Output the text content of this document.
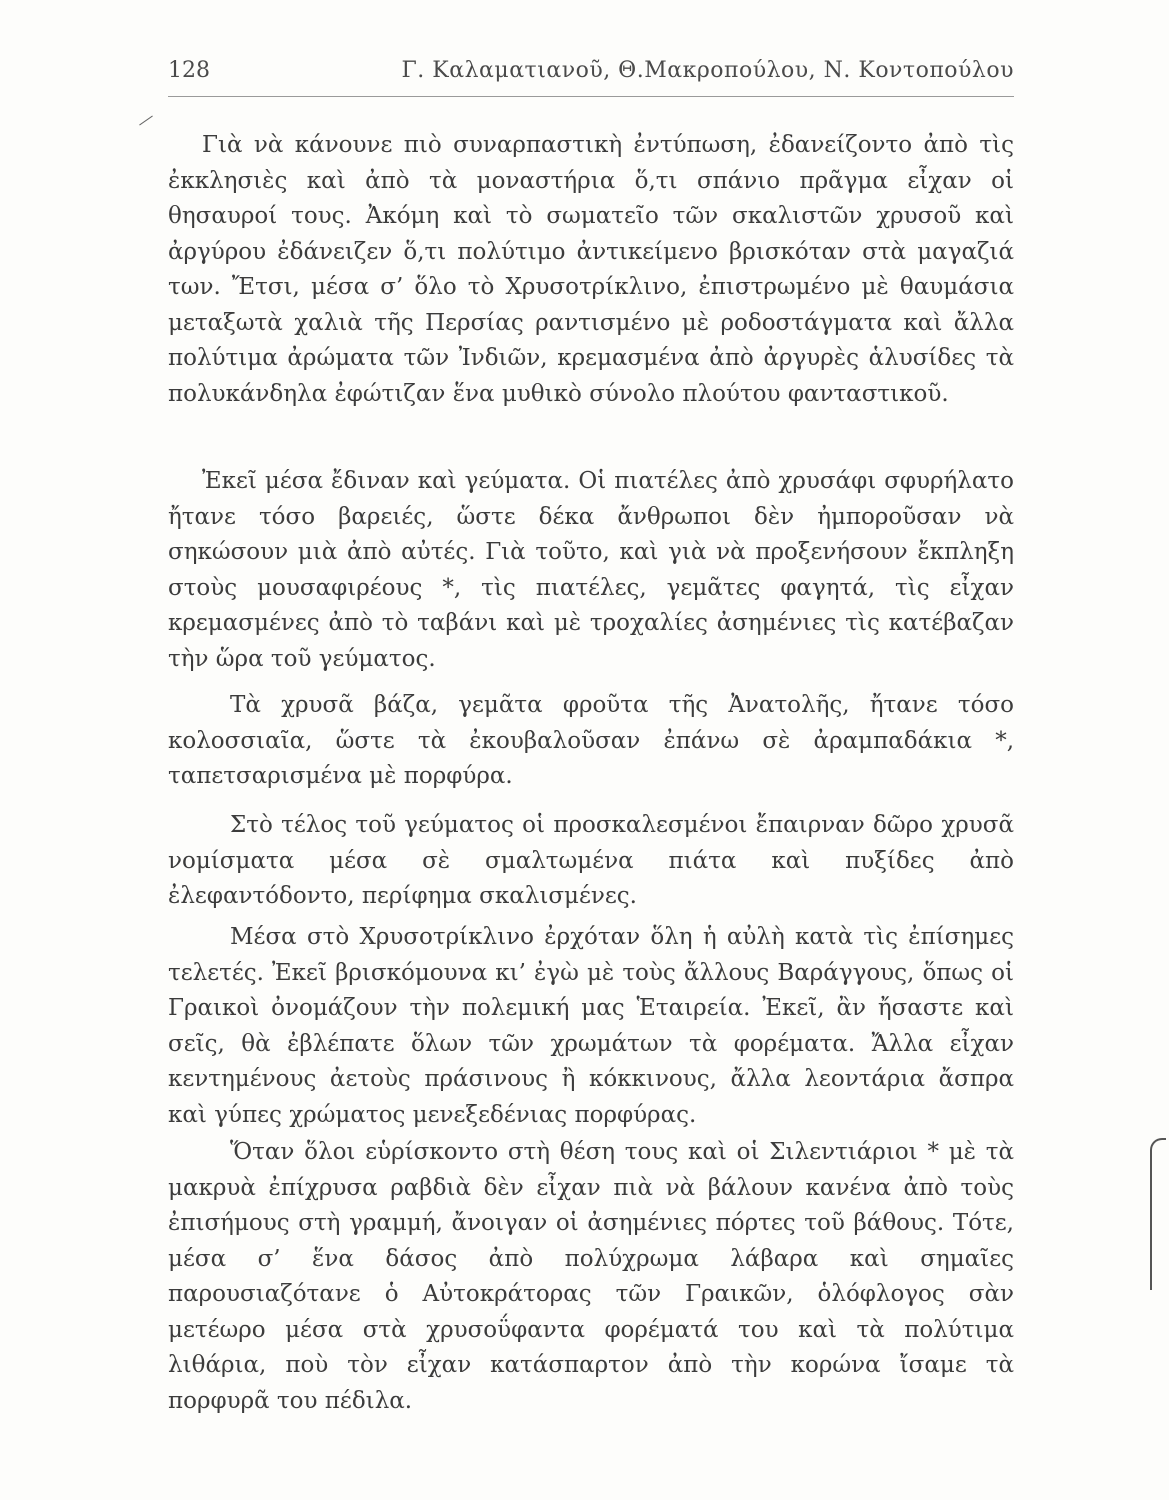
128	Γ. Καλαματιανοῦ, Θ.Μακροπούλου, Ν. Κοντοπούλου

Γιὰ νὰ κάνουνε πιὸ συναρπαστικὴ ἐντύπωση, ἐδανείζοντο ἀπὸ τὶς ἐκκλησιὲς καὶ ἀπὸ τὰ μοναστήρια ὅ,τι σπάνιο πρᾶγμα εἶχαν οἱ θησαυροί τους. Ἀκόμη καὶ τὸ σωματεῖο τῶν σκαλιστῶν χρυσοῦ καὶ ἀργύρου ἐδάνειζεν ὅ,τι πολύτιμο ἀντικείμενο βρισκόταν στὰ μαγαζιά των. Ἔτσι, μέσα σ’ ὅλο τὸ Χρυσοτρίκλινο, ἐπιστρωμένο μὲ θαυμάσια μεταξωτὰ χαλιὰ τῆς Περσίας ραντισμένο μὲ ροδοστάγματα καὶ ἄλλα πολύτιμα ἀρώματα τῶν Ἰνδιῶν, κρεμασμένα ἀπὸ ἀργυρὲς ἁλυσίδες τὰ πολυκάνδηλα ἐφώτιζαν ἕνα μυθικὸ σύνολο πλούτου φανταστικοῦ.

Ἐκεῖ μέσα ἔδιναν καὶ γεύματα. Οἱ πιατέλες ἀπὸ χρυσάφι σφυρήλατο ἤτανε τόσο βαρειές, ὥστε δέκα ἄνθρωποι δὲν ἠμποροῦσαν νὰ σηκώσουν μιὰ ἀπὸ αὐτές. Γιὰ τοῦτο, καὶ γιὰ νὰ προξενήσουν ἔκπληξη στοὺς μουσαφιρέους *, τὶς πιατέλες, γεμᾶτες φαγητά, τὶς εἶχαν κρεμασμένες ἀπὸ τὸ ταβάνι καὶ μὲ τροχαλίες ἀσημένιες τὶς κατέβαζαν τὴν ὥρα τοῦ γεύματος.

Τὰ χρυσᾶ βάζα, γεμᾶτα φροῦτα τῆς Ἀνατολῆς, ἤτανε τόσο κολοσσιαῖα, ὥστε τὰ ἐκουβαλοῦσαν ἐπάνω σὲ ἀραμπαδάκια *, ταπετσαρισμένα μὲ πορφύρα.

Στὸ τέλος τοῦ γεύματος οἱ προσκαλεσμένοι ἔπαιρναν δῶρο χρυσᾶ νομίσματα μέσα σὲ σμαλτωμένα πιάτα καὶ πυξίδες ἀπὸ ἐλεφαντόδοντο, περίφημα σκαλισμένες.

Μέσα στὸ Χρυσοτρίκλινο ἐρχόταν ὅλη ἡ αὐλὴ κατὰ τὶς ἐπίσημες τελετές. Ἐκεῖ βρισκόμουνα κι’ ἐγὼ μὲ τοὺς ἄλλους Βαράγγους, ὅπως οἱ Γραικοὶ ὀνομάζουν τὴν πολεμική μας Ἑταιρεία. Ἐκεῖ, ἂν ἤσαστε καὶ σεῖς, θὰ ἐβλέπατε ὅλων τῶν χρωμάτων τὰ φορέματα. Ἄλλα εἶχαν κεντημένους ἀετοὺς πράσινους ἢ κόκκινους, ἄλλα λεοντάρια ἄσπρα καὶ γύπες χρώματος μενεξεδένιας πορφύρας.

Ὅταν ὅλοι εὑρίσκοντο στὴ θέση τους καὶ οἱ Σιλεντιάριοι * μὲ τὰ μακρυὰ ἐπίχρυσα ραβδιὰ δὲν εἶχαν πιὰ νὰ βάλουν κανένα ἀπὸ τοὺς ἐπισήμους στὴ γραμμή, ἄνοιγαν οἱ ἀσημένιες πόρτες τοῦ βάθους. Τότε, μέσα σ’ ἕνα δάσος ἀπὸ πολύχρωμα λάβαρα καὶ σημαῖες παρουσιαζότανε ὁ Αὐτοκράτορας τῶν Γραικῶν, ὁλόφλογος σὰν μετέωρο μέσα στὰ χρυσοΰφαντα φορέματά του καὶ τὰ πολύτιμα λιθάρια, ποὺ τὸν εἶχαν κατάσπαρτον ἀπὸ τὴν κορώνα ἴσαμε τὰ πορφυρᾶ του πέδιλα.
